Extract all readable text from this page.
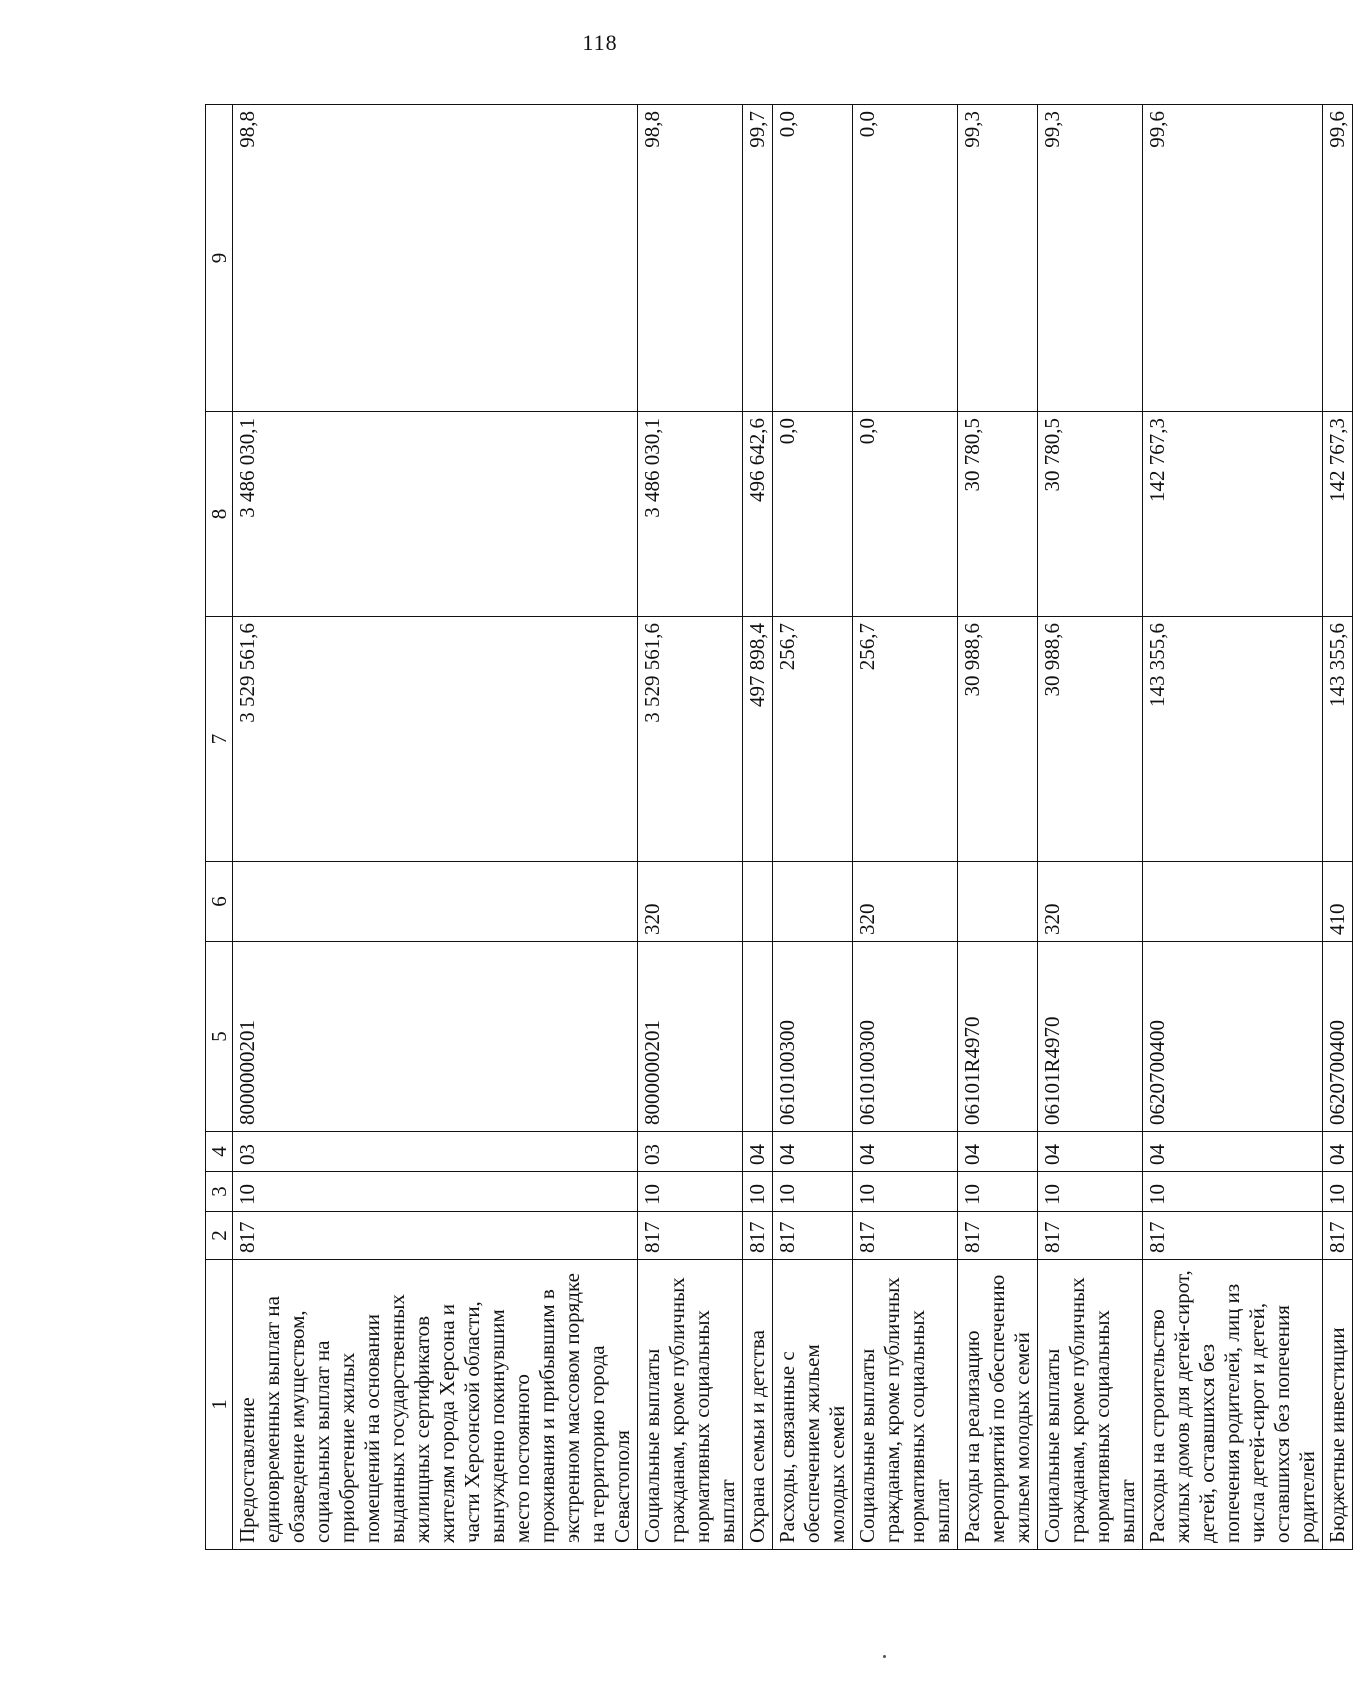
118
1	2	3	4	5	6	7	8	9
Предоставление единовременных выплат на обзаведение имуществом, социальных выплат на приобретение жилых помещений на основании выданных государственных жилищных сертификатов жителям города Херсона и части Херсонской области, вынужденно покинувшим место постоянного проживания и прибывшим в экстренном массовом порядке на территорию города Севастополя	817	10	03	8000000201		3 529 561,6	3 486 030,1	98,8
Социальные выплаты гражданам, кроме публичных нормативных социальных выплат	817	10	03	8000000201	320	3 529 561,6	3 486 030,1	98,8
Охрана семьи и детства	817	10	04			497 898,4	496 642,6	99,7
Расходы, связанные с обеспечением жильем молодых семей	817	10	04	0610100300		256,7	0,0	0,0
Социальные выплаты гражданам, кроме публичных нормативных социальных выплат	817	10	04	0610100300	320	256,7	0,0	0,0
Расходы на реализацию мероприятий по обеспечению жильем молодых семей	817	10	04	06101R4970		30 988,6	30 780,5	99,3
Социальные выплаты гражданам, кроме публичных нормативных социальных выплат	817	10	04	06101R4970	320	30 988,6	30 780,5	99,3
Расходы на строительство жилых домов для детей-сирот, детей, оставшихся без попечения родителей, лиц из числа детей-сирот и детей, оставшихся без попечения родителей	817	10	04	0620700400		143 355,6	142 767,3	99,6
Бюджетные инвестиции	817	10	04	0620700400	410	143 355,6	142 767,3	99,6
